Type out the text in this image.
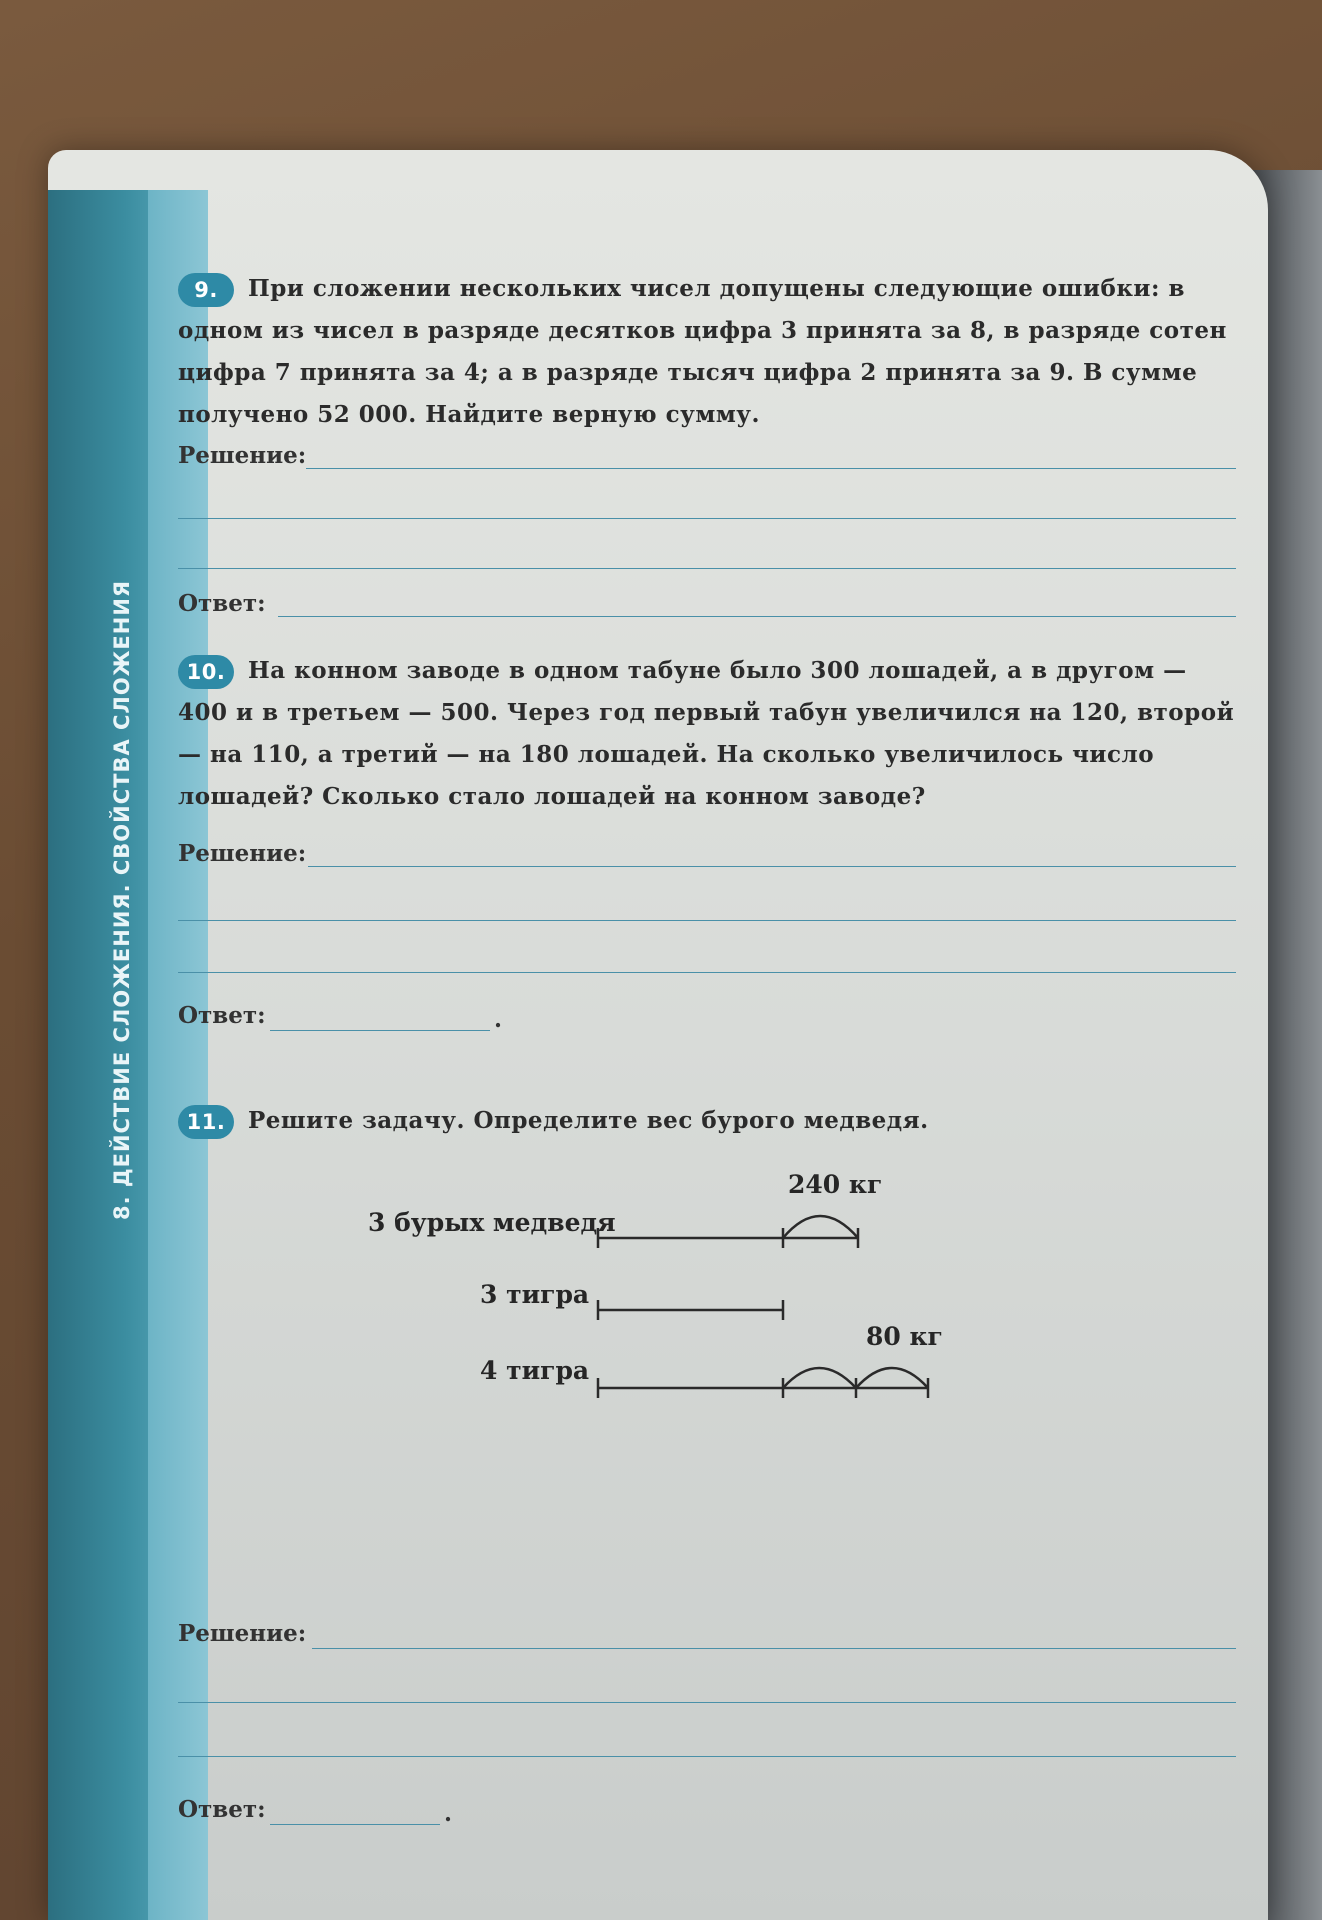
8. ДЕЙСТВИЕ СЛОЖЕНИЯ. СВОЙСТВА СЛОЖЕНИЯ
9. При сложении нескольких чисел допущены следующие ошибки: в одном из чисел в разряде десятков цифра 3 принята за 8, в разряде сотен цифра 7 принята за 4; а в разряде тысяч цифра 2 принята за 9. В сумме получено 52 000. Найдите верную сумму.
Решение:
Ответ:
10. На конном заводе в одном табуне было 300 лошадей, а в другом — 400 и в третьем — 500. Через год первый табун увеличился на 120, второй — на 110, а третий — на 180 лошадей. На сколько увеличилось число лошадей? Сколько стало лошадей на конном заводе?
Решение:
Ответ:	.
11. Решите задачу. Определите вес бурого медведя.
3 бурых медведя
240 кг
3 тигра
4 тигра
80 кг
Решение:
Ответ:	.
